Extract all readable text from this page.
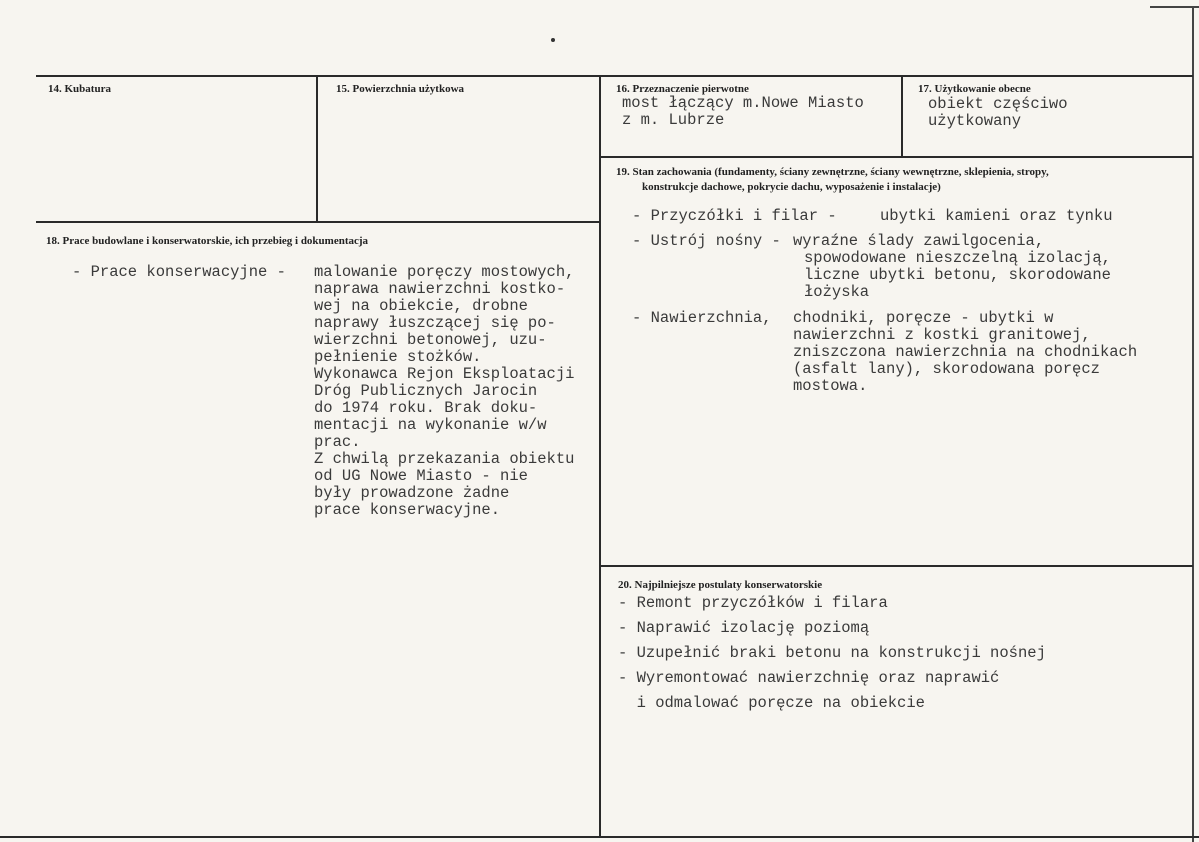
14. Kubatura	15. Powierzchnia użytkowa	16. Przeznaczenie pierwotne
most łączący m.Nowe Miasto
z m. Lubrze
17. Użytkowanie obecne
obiekt częściwo
użytkowany
18. Prace budowlane i konserwatorskie, ich przebieg i dokumentacja
- Prace konserwacyjne - malowanie poręczy mostowych,
naprawa nawierzchni kostko-
wej na obiekcie, drobne
naprawy łuszczącej się po-
wierzchni betonowej, uzu-
pełnienie stożków.
Wykonawca Rejon Eksploatacji
Dróg Publicznych Jarocin
do 1974 roku. Brak doku-
mentacji na wykonanie w/w
prac.
Z chwilą przekazania obiektu
od UG Nowe Miasto - nie
były prowadzone żadne
prace konserwacyjne.
19. Stan zachowania (fundamenty, ściany zewnętrzne, ściany wewnętrzne, sklepienia, stropy,
konstrukcje dachowe, pokrycie dachu, wyposażenie i instalacje)
- Przyczółki i filar -	ubytki kamieni oraz tynku
- Ustrój nośny - wyraźne ślady zawilgocenia,
spowodowane nieszczelną izolacją,
liczne ubytki betonu, skorodowane
łożyska
- Nawierzchnia, chodniki, poręcze - ubytki w
nawierzchni z kostki granitowej,
zniszczona nawierzchnia na chodnikach
(asfalt lany), skorodowana poręcz
mostowa.
20. Najpilniejsze postulaty konserwatorskie
- Remont przyczółków i filara
- Naprawić izolację poziomą
- Uzupełnić braki betonu na konstrukcji nośnej
- Wyremontować nawierzchnię oraz naprawić
i odmalować poręcze na obiekcie
